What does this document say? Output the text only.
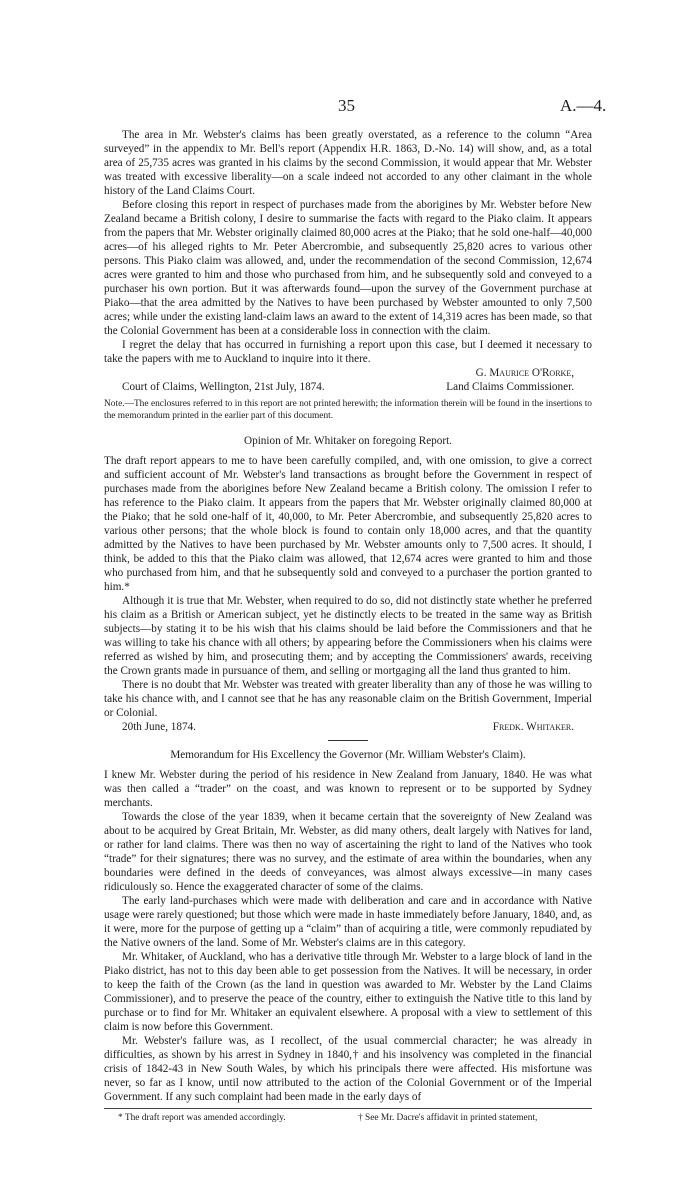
35	A.—4.

The area in Mr. Webster's claims has been greatly overstated, as a reference to the column “Area surveyed” in the appendix to Mr. Bell's report (Appendix H.R. 1863, D.-No. 14) will show, and, as a total area of 25,735 acres was granted in his claims by the second Commission, it would appear that Mr. Webster was treated with excessive liberality—on a scale indeed not accorded to any other claimant in the whole history of the Land Claims Court.

Before closing this report in respect of purchases made from the aborigines by Mr. Webster before New Zealand became a British colony, I desire to summarise the facts with regard to the Piako claim. It appears from the papers that Mr. Webster originally claimed 80,000 acres at the Piako; that he sold one-half—40,000 acres—of his alleged rights to Mr. Peter Abercrombie, and subsequently 25,820 acres to various other persons. This Piako claim was allowed, and, under the recommendation of the second Commission, 12,674 acres were granted to him and those who purchased from him, and he subsequently sold and conveyed to a purchaser his own portion. But it was afterwards found—upon the survey of the Government purchase at Piako—that the area admitted by the Natives to have been purchased by Webster amounted to only 7,500 acres; while under the existing land-claim laws an award to the extent of 14,319 acres has been made, so that the Colonial Government has been at a considerable loss in connection with the claim.

I regret the delay that has occurred in furnishing a report upon this case, but I deemed it necessary to take the papers with me to Auckland to inquire into it there.

G. Maurice O'Rorke,
Court of Claims, Wellington, 21st July, 1874.	Land Claims Commissioner.

Note.—The enclosures referred to in this report are not printed herewith; the information therein will be found in the insertions to the memorandum printed in the earlier part of this document.

Opinion of Mr. Whitaker on foregoing Report.

The draft report appears to me to have been carefully compiled, and, with one omission, to give a correct and sufficient account of Mr. Webster's land transactions as brought before the Government in respect of purchases made from the aborigines before New Zealand became a British colony. The omission I refer to has reference to the Piako claim. It appears from the papers that Mr. Webster originally claimed 80,000 at the Piako; that he sold one-half of it, 40,000, to Mr. Peter Abercrombie, and subsequently 25,820 acres to various other persons; that the whole block is found to contain only 18,000 acres, and that the quantity admitted by the Natives to have been purchased by Mr. Webster amounts only to 7,500 acres. It should, I think, be added to this that the Piako claim was allowed, that 12,674 acres were granted to him and those who purchased from him, and that he subsequently sold and conveyed to a purchaser the portion granted to him.*

Although it is true that Mr. Webster, when required to do so, did not distinctly state whether he preferred his claim as a British or American subject, yet he distinctly elects to be treated in the same way as British subjects—by stating it to be his wish that his claims should be laid before the Commissioners and that he was willing to take his chance with all others; by appearing before the Commissioners when his claims were referred as wished by him, and prosecuting them; and by accepting the Commissioners' awards, receiving the Crown grants made in pursuance of them, and selling or mortgaging all the land thus granted to him.

There is no doubt that Mr. Webster was treated with greater liberality than any of those he was willing to take his chance with, and I cannot see that he has any reasonable claim on the British Government, Imperial or Colonial.

20th June, 1874.	Fredk. Whitaker.

Memorandum for His Excellency the Governor (Mr. William Webster's Claim).

I knew Mr. Webster during the period of his residence in New Zealand from January, 1840. He was what was then called a “trader” on the coast, and was known to represent or to be supported by Sydney merchants.

Towards the close of the year 1839, when it became certain that the sovereignty of New Zealand was about to be acquired by Great Britain, Mr. Webster, as did many others, dealt largely with Natives for land, or rather for land claims. There was then no way of ascertaining the right to land of the Natives who took “trade” for their signatures; there was no survey, and the estimate of area within the boundaries, when any boundaries were defined in the deeds of conveyances, was almost always excessive—in many cases ridiculously so. Hence the exaggerated character of some of the claims.

The early land-purchases which were made with deliberation and care and in accordance with Native usage were rarely questioned; but those which were made in haste immediately before January, 1840, and, as it were, more for the purpose of getting up a “claim” than of acquiring a title, were commonly repudiated by the Native owners of the land. Some of Mr. Webster's claims are in this category.

Mr. Whitaker, of Auckland, who has a derivative title through Mr. Webster to a large block of land in the Piako district, has not to this day been able to get possession from the Natives. It will be necessary, in order to keep the faith of the Crown (as the land in question was awarded to Mr. Webster by the Land Claims Commissioner), and to preserve the peace of the country, either to extinguish the Native title to this land by purchase or to find for Mr. Whitaker an equivalent elsewhere. A proposal with a view to settlement of this claim is now before this Government.

Mr. Webster's failure was, as I recollect, of the usual commercial character; he was already in difficulties, as shown by his arrest in Sydney in 1840,† and his insolvency was completed in the financial crisis of 1842-43 in New South Wales, by which his principals there were affected. His misfortune was never, so far as I know, until now attributed to the action of the Colonial Government or of the Imperial Government. If any such complaint had been made in the early days of

* The draft report was amended accordingly.	† See Mr. Dacre's affidavit in printed statement,
